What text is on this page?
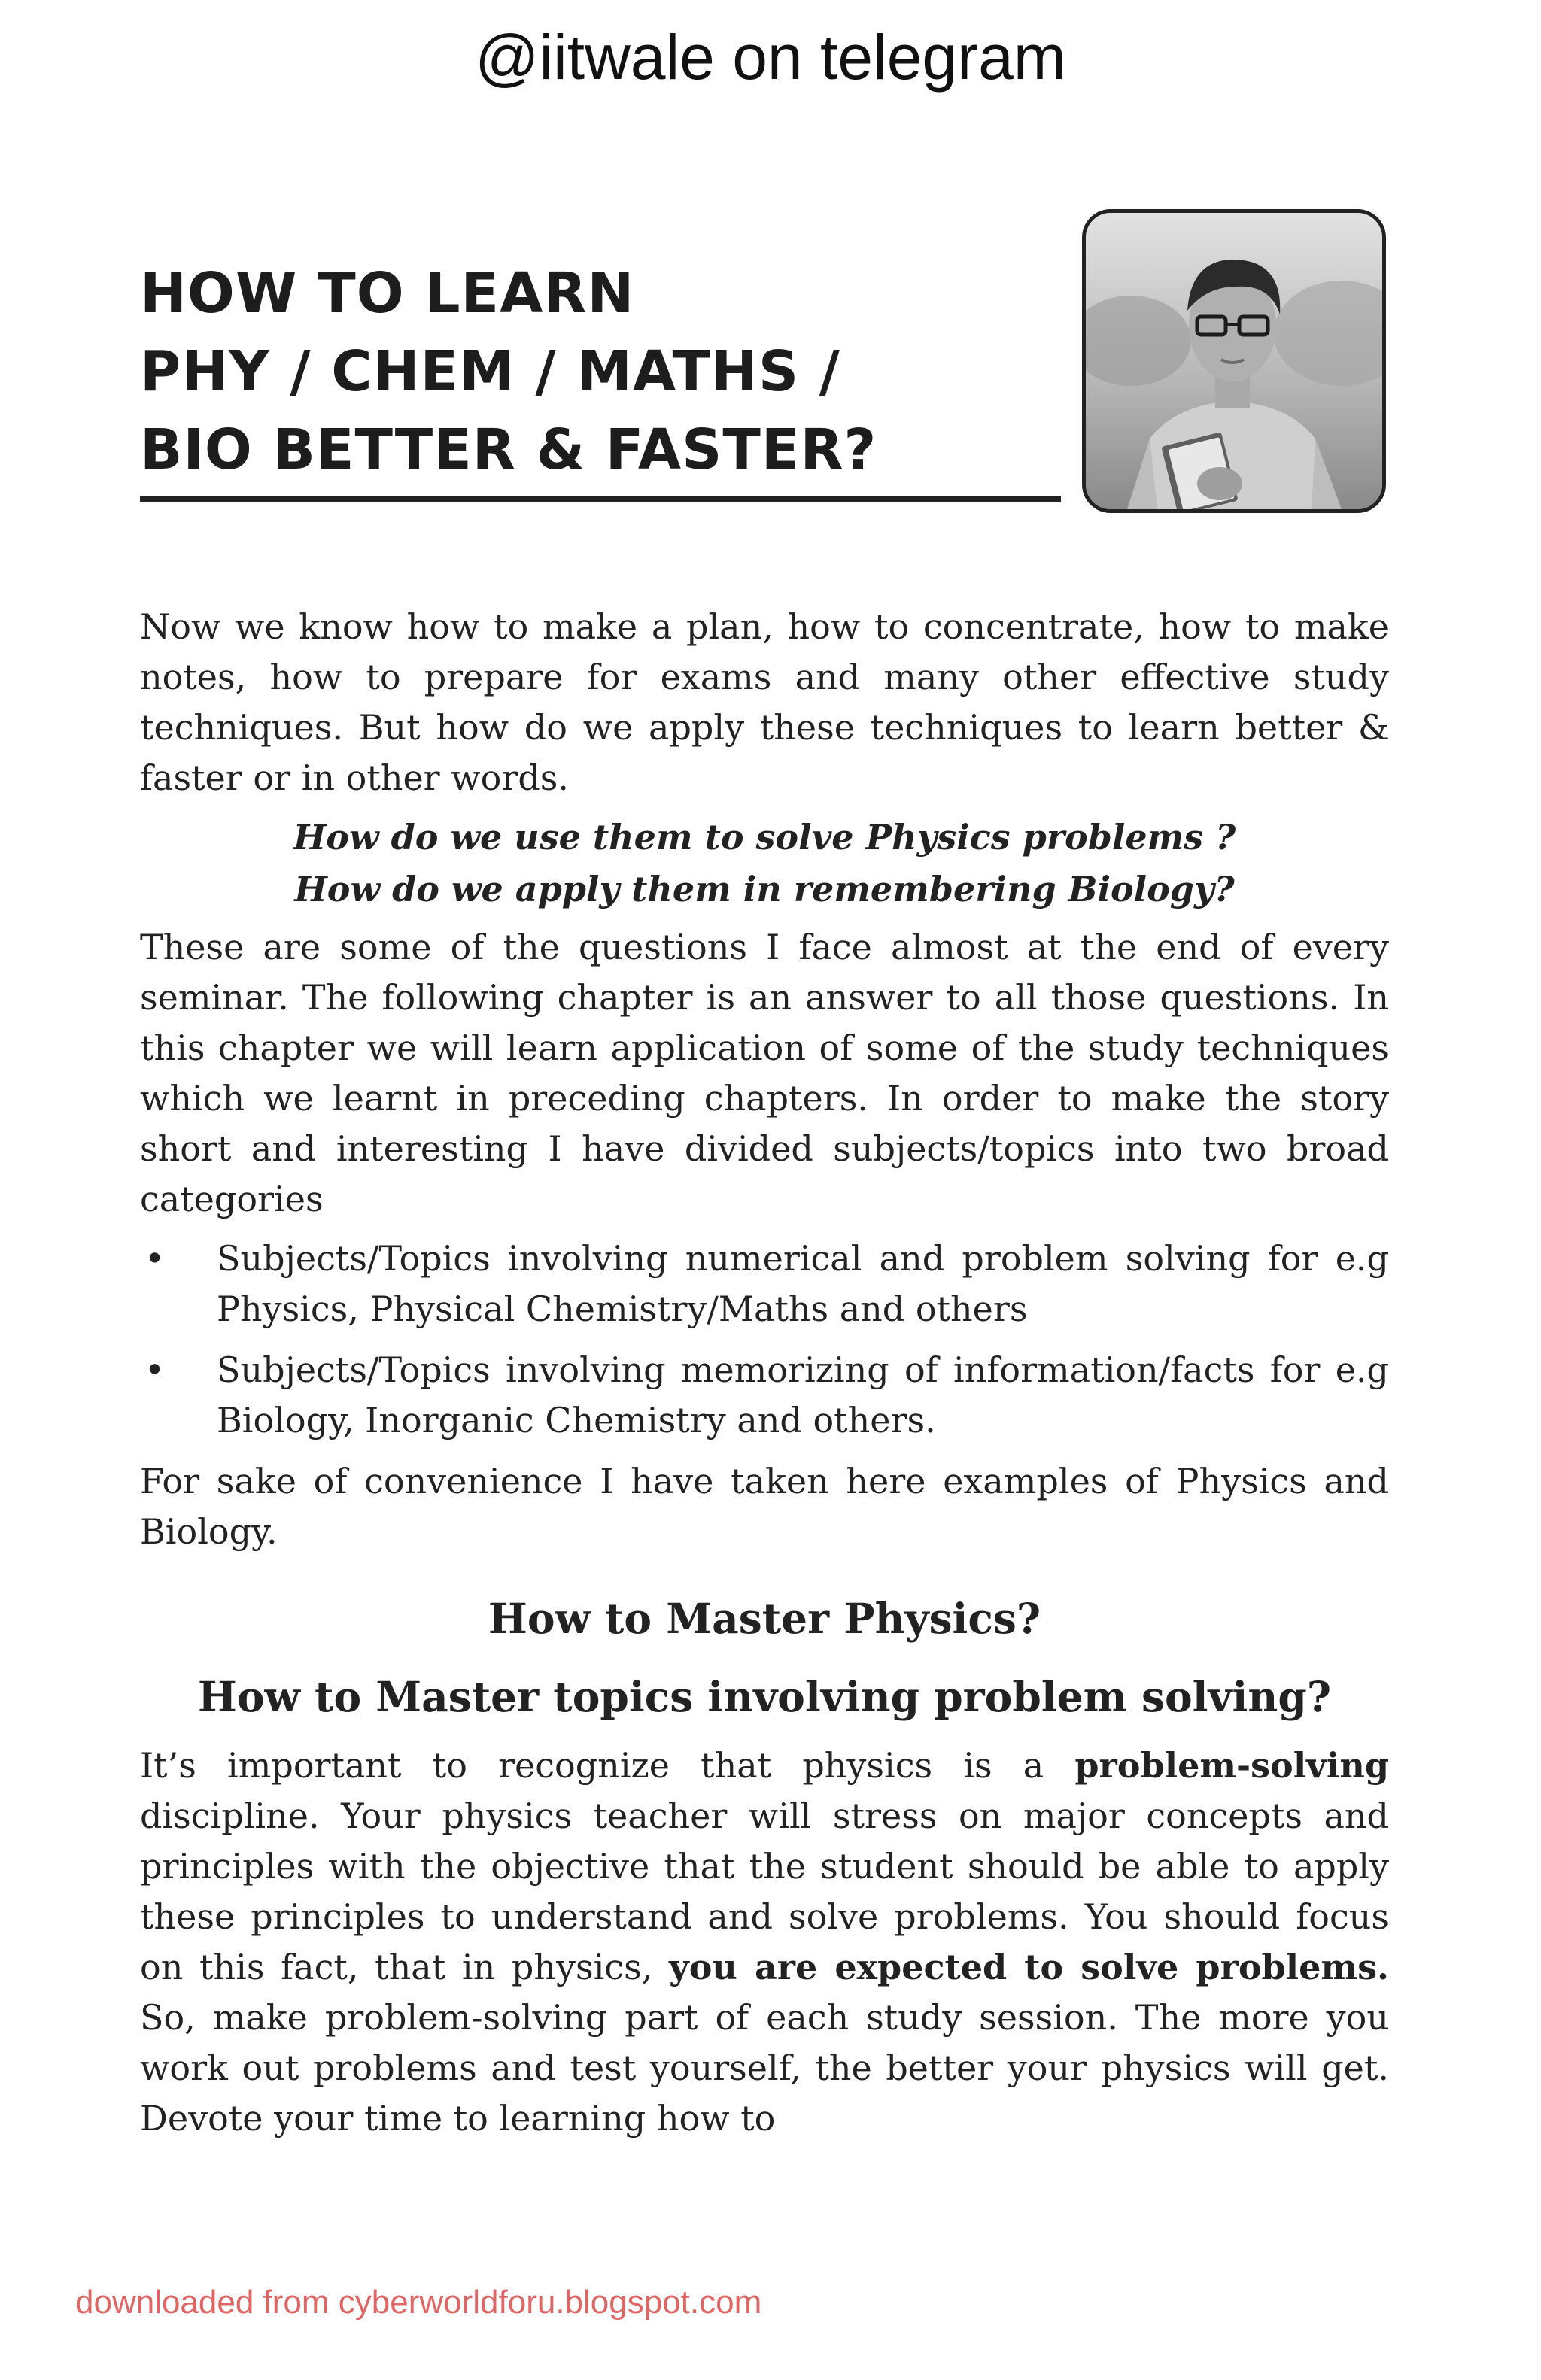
@iitwale on telegram
HOW TO LEARN
PHY / CHEM / MATHS /
BIO BETTER & FASTER?

Now we know how to make a plan, how to concentrate, how to make notes, how to prepare for exams and many other effective study techniques. But how do we apply these techniques to learn better & faster or in other words.

How do we use them to solve Physics problems ?

How do we apply them in remembering Biology?

These are some of the questions I face almost at the end of every seminar. The following chapter is an answer to all those questions. In this chapter we will learn application of some of the study techniques which we learnt in preceding chapters. In order to make the story short and interesting I have divided subjects/topics into two broad categories

• Subjects/Topics involving numerical and problem solving for e.g Physics, Physical Chemistry/Maths and others
• Subjects/Topics involving memorizing of information/facts for e.g Biology, Inorganic Chemistry and others.

For sake of convenience I have taken here examples of Physics and Biology.

How to Master Physics?
How to Master topics involving problem solving?

It’s important to recognize that physics is a problem-solving discipline. Your physics teacher will stress on major concepts and principles with the objective that the student should be able to apply these principles to understand and solve problems. You should focus on this fact, that in physics, you are expected to solve problems. So, make problem-solving part of each study session. The more you work out problems and test yourself, the better your physics will get. Devote your time to learning how to

downloaded from cyberworldforu.blogspot.com
